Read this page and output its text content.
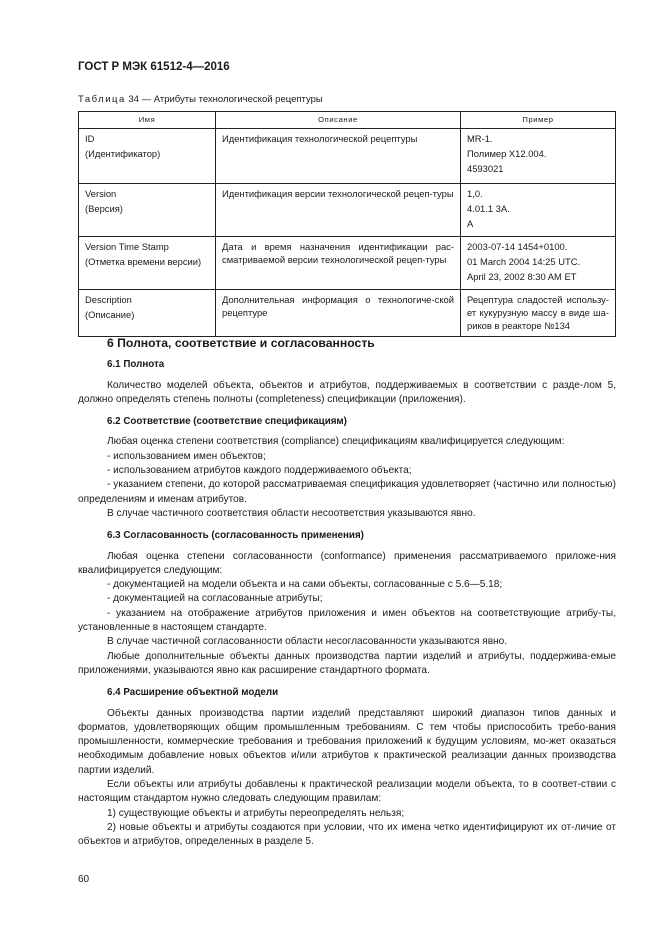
ГОСТ Р МЭК 61512-4—2016
Таблица 34 — Атрибуты технологической рецептуры
Имя	Описание	Пример

ID
(Идентификатор)	Идентификация технологической рецептуры	MR-1.
Полимер X12.004.
4593021

Version
(Версия)	Идентификация версии технологической рецеп-туры	1,0.
4.01.1 3A.
A

Version Time Stamp
(Отметка времени версии)	Дата и время назначения идентификации рас-сматриваемой версии технологической рецеп-туры	2003-07-14 1454+0100.
01 March 2004 14:25 UTC.
April 23, 2002 8:30 AM ET

Description
(Описание)	Дополнительная информация о технологиче-ской рецептуре	Рецептура сладостей использу-ет кукурузную массу в виде ша-риков в реакторе №134
6 Полнота, соответствие и согласованность
6.1 Полнота

Количество моделей объекта, объектов и атрибутов, поддерживаемых в соответствии с разде-лом 5, должно определять степень полноты (completeness) спецификации (приложения).

6.2 Соответствие (соответствие спецификациям)

Любая оценка степени соответствия (compliance) спецификациям квалифицируется следующим:

- использованием имен объектов;

- использованием атрибутов каждого поддерживаемого объекта;

- указанием степени, до которой рассматриваемая спецификация удовлетворяет (частично или полностью) определениям и именам атрибутов.

В случае частичного соответствия области несоответствия указываются явно.

6.3 Согласованность (согласованность применения)

Любая оценка степени согласованности (conformance) применения рассматриваемого приложе-ния квалифицируется следующим:

- документацией на модели объекта и на сами объекты, согласованные с 5.6—5.18;

- документацией на согласованные атрибуты;

- указанием на отображение атрибутов приложения и имен объектов на соответствующие атрибу-ты, установленные в настоящем стандарте.

В случае частичной согласованности области несогласованности указываются явно.

Любые дополнительные объекты данных производства партии изделий и атрибуты, поддержива-емые приложениями, указываются явно как расширение стандартного формата.

6.4 Расширение объектной модели

Объекты данных производства партии изделий представляют широкий диапазон типов данных и форматов, удовлетворяющих общим промышленным требованиям. С тем чтобы приспособить требо-вания промышленности, коммерческие требования и требования приложений к будущим условиям, мо-жет оказаться необходимым добавление новых объектов и/или атрибутов к практической реализации данных производства партии изделий.

Если объекты или атрибуты добавлены к практической реализации модели объекта, то в соответ-ствии с настоящим стандартом нужно следовать следующим правилам:

1) существующие объекты и атрибуты переопределять нельзя;

2) новые объекты и атрибуты создаются при условии, что их имена четко идентифицируют их от-личие от объектов и атрибутов, определенных в разделе 5.

60
